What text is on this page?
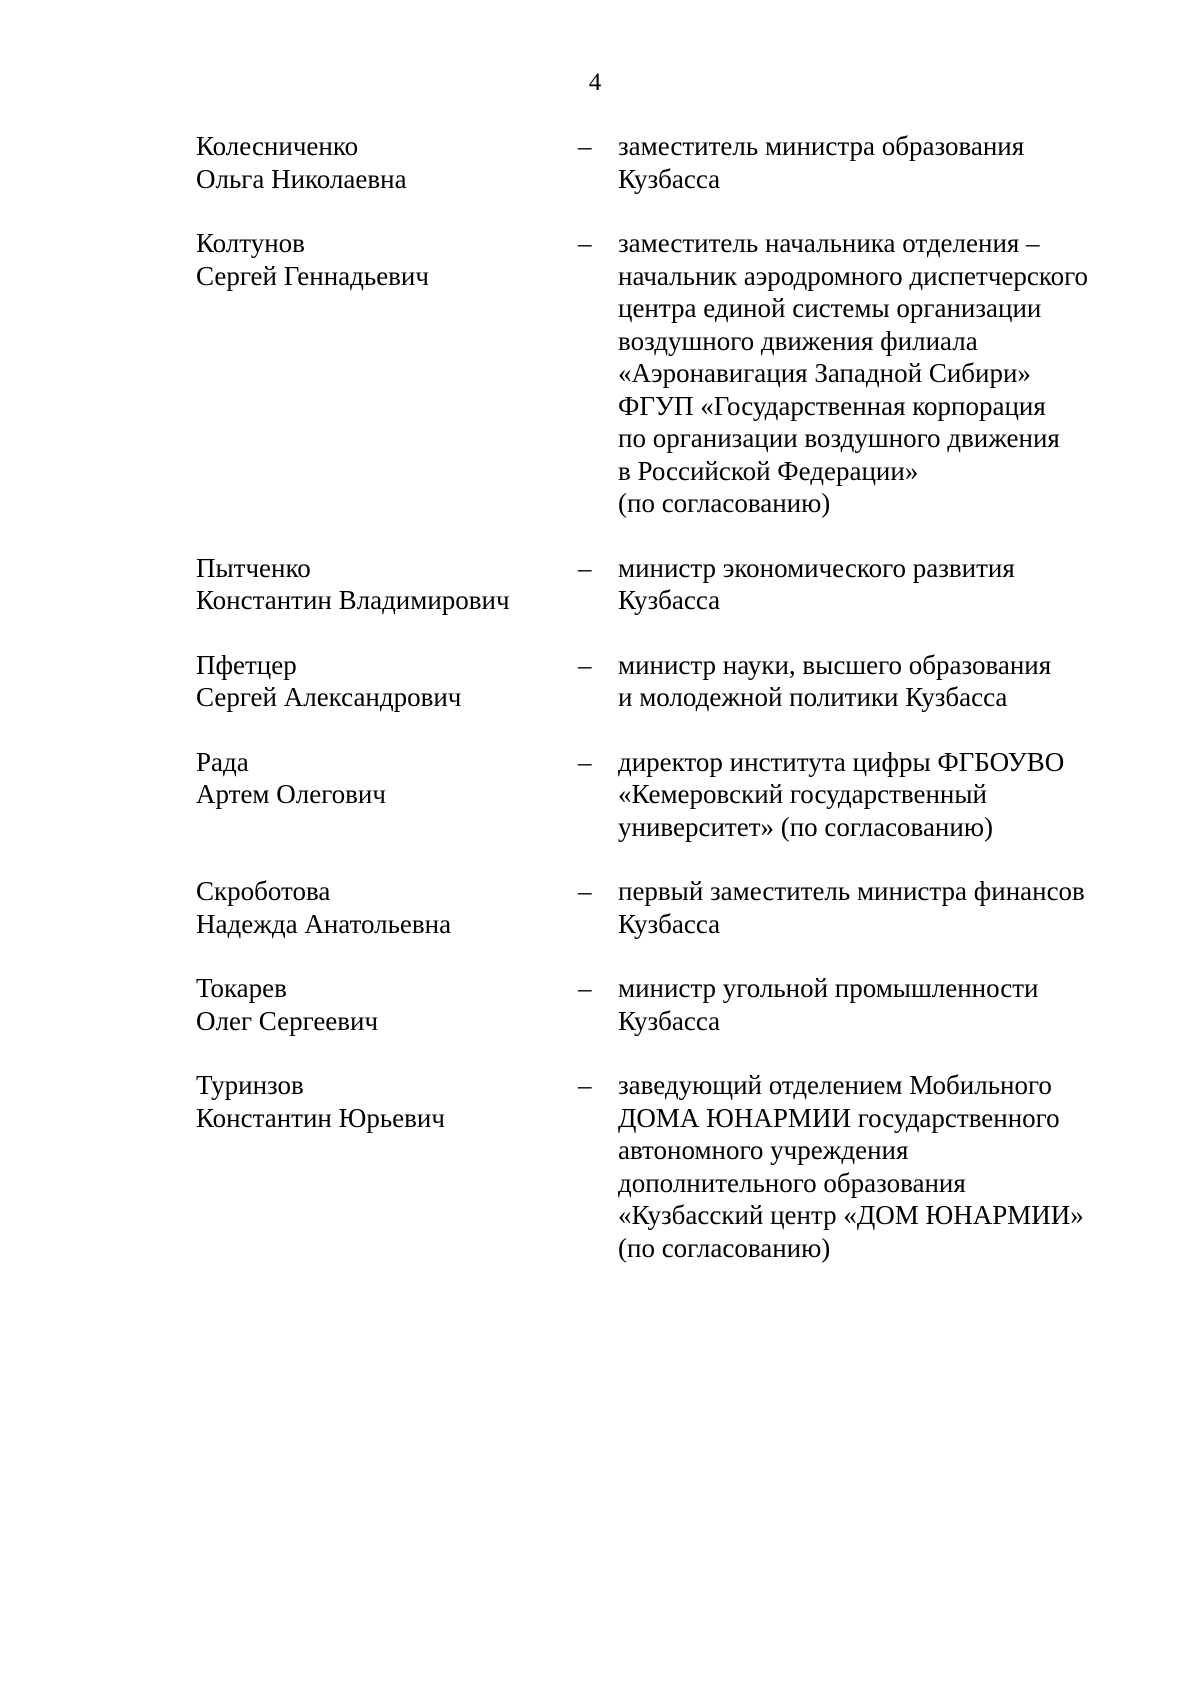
4
Колесниченко
Ольга Николаевна
– заместитель министра образования
Кузбасса
Колтунов
Сергей Геннадьевич
– заместитель начальника отделения –
начальник аэродромного диспетчерского
центра единой системы организации
воздушного движения филиала
«Аэронавигация Западной Сибири»
ФГУП «Государственная корпорация
по организации воздушного движения
в Российской Федерации»
(по согласованию)
Пытченко
Константин Владимирович
– министр экономического развития
Кузбасса
Пфетцер
Сергей Александрович
– министр науки, высшего образования
и молодежной политики Кузбасса
Рада
Артем Олегович
– директор института цифры ФГБОУВО
«Кемеровский государственный
университет» (по согласованию)
Скроботова
Надежда Анатольевна
– первый заместитель министра финансов
Кузбасса
Токарев
Олег Сергеевич
– министр угольной промышленности
Кузбасса
Туринзов
Константин Юрьевич
– заведующий отделением Мобильного
ДОМА ЮНАРМИИ государственного
автономного учреждения
дополнительного образования
«Кузбасский центр «ДОМ ЮНАРМИИ»
(по согласованию)
